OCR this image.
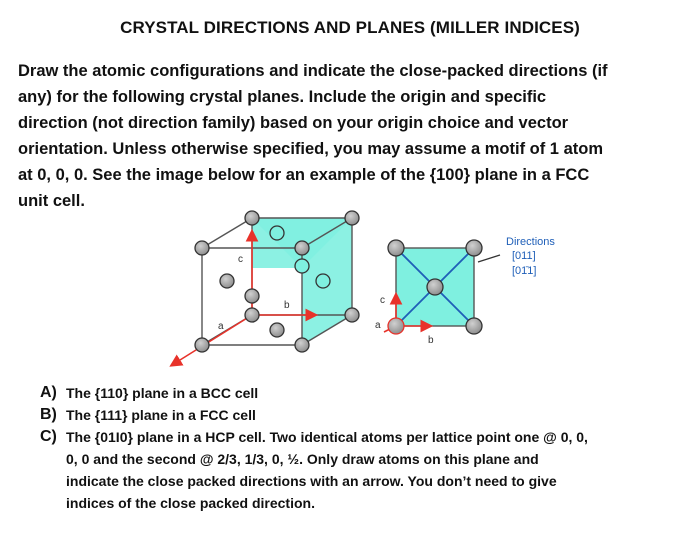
CRYSTAL DIRECTIONS AND PLANES (MILLER INDICES)
Draw the atomic configurations and indicate the close-packed directions (if
any) for the following crystal planes. Include the origin and specific
direction (not direction family) based on your origin choice and vector
orientation. Unless otherwise specified, you may assume a motif of 1 atom
at 0, 0, 0. See the image below for an example of the {100} plane in a FCC
unit cell.
c
b
a
c
a
b
Directions
[011]
[01̄1]
A) The {110} plane in a BCC cell
B) The {111} plane in a FCC cell
C) The {01I0} plane in a HCP cell. Two identical atoms per lattice point one @ 0, 0,
0, 0 and the second @ 2/3, 1/3, 0, ½. Only draw atoms on this plane and
indicate the close packed directions with an arrow. You don’t need to give
indices of the close packed direction.
